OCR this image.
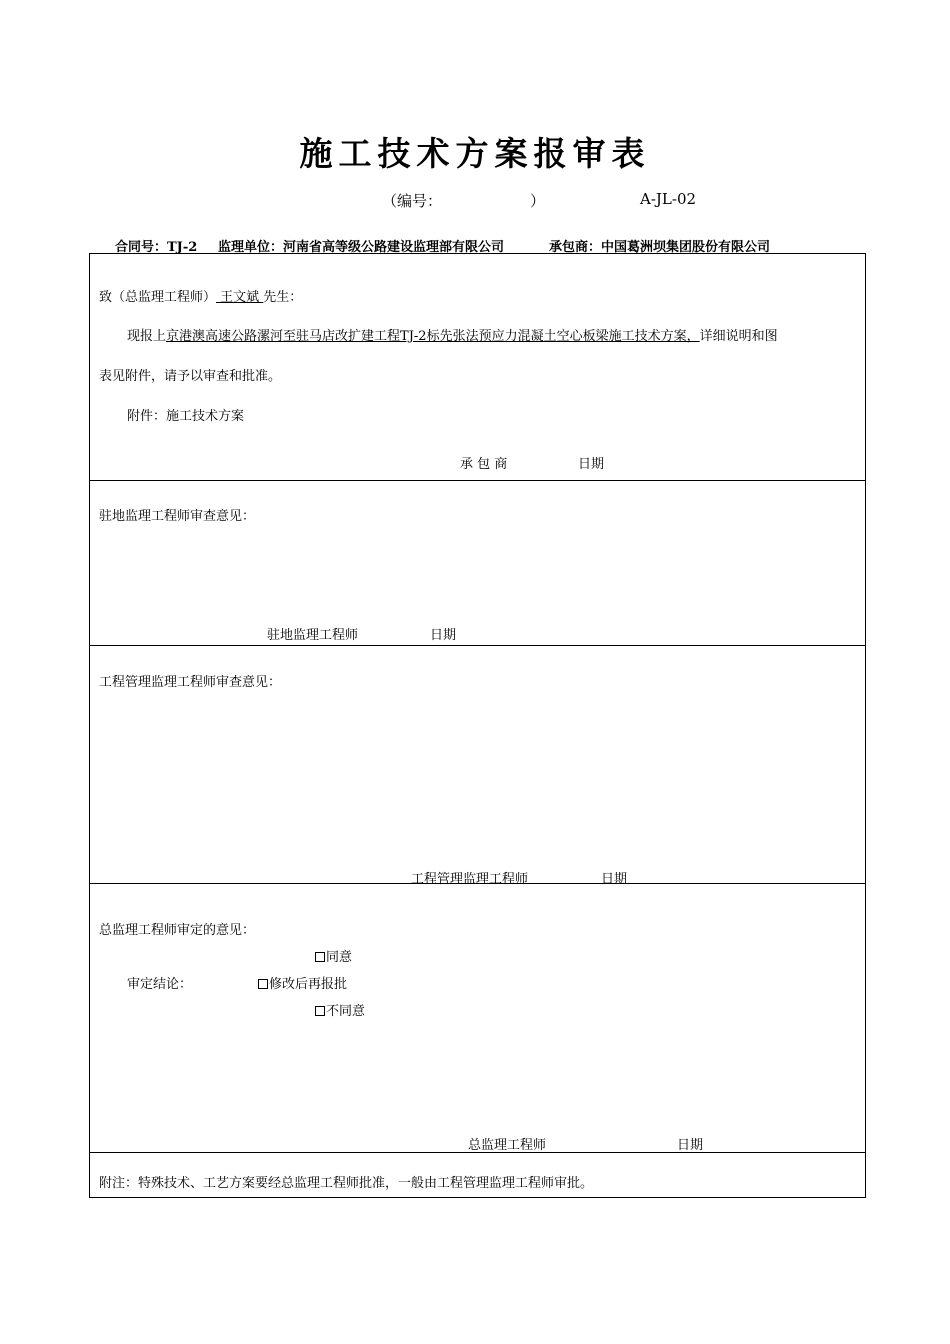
施工技术方案报审表
（编号：	）	A-JL-02
合同号：TJ-2 监理单位：河南省高等级公路建设监理部有限公司	承包商：中国葛洲坝集团股份有限公司
致（总监理工程师） 王文斌 先生：
现报上京港澳高速公路漯河至驻马店改扩建工程TJ-2标先张法预应力混凝土空心板梁施工技术方案，详细说明和图
表见附件，请予以审查和批准。
附件：施工技术方案
承 包 商	日期
驻地监理工程师审查意见：
驻地监理工程师	日期
工程管理监理工程师审查意见：
工程管理监理工程师	日期
总监理工程师审定的意见：
同意
审定结论：	修改后再报批
不同意
总监理工程师	日期
附注：特殊技术、工艺方案要经总监理工程师批准，一般由工程管理监理工程师审批。
